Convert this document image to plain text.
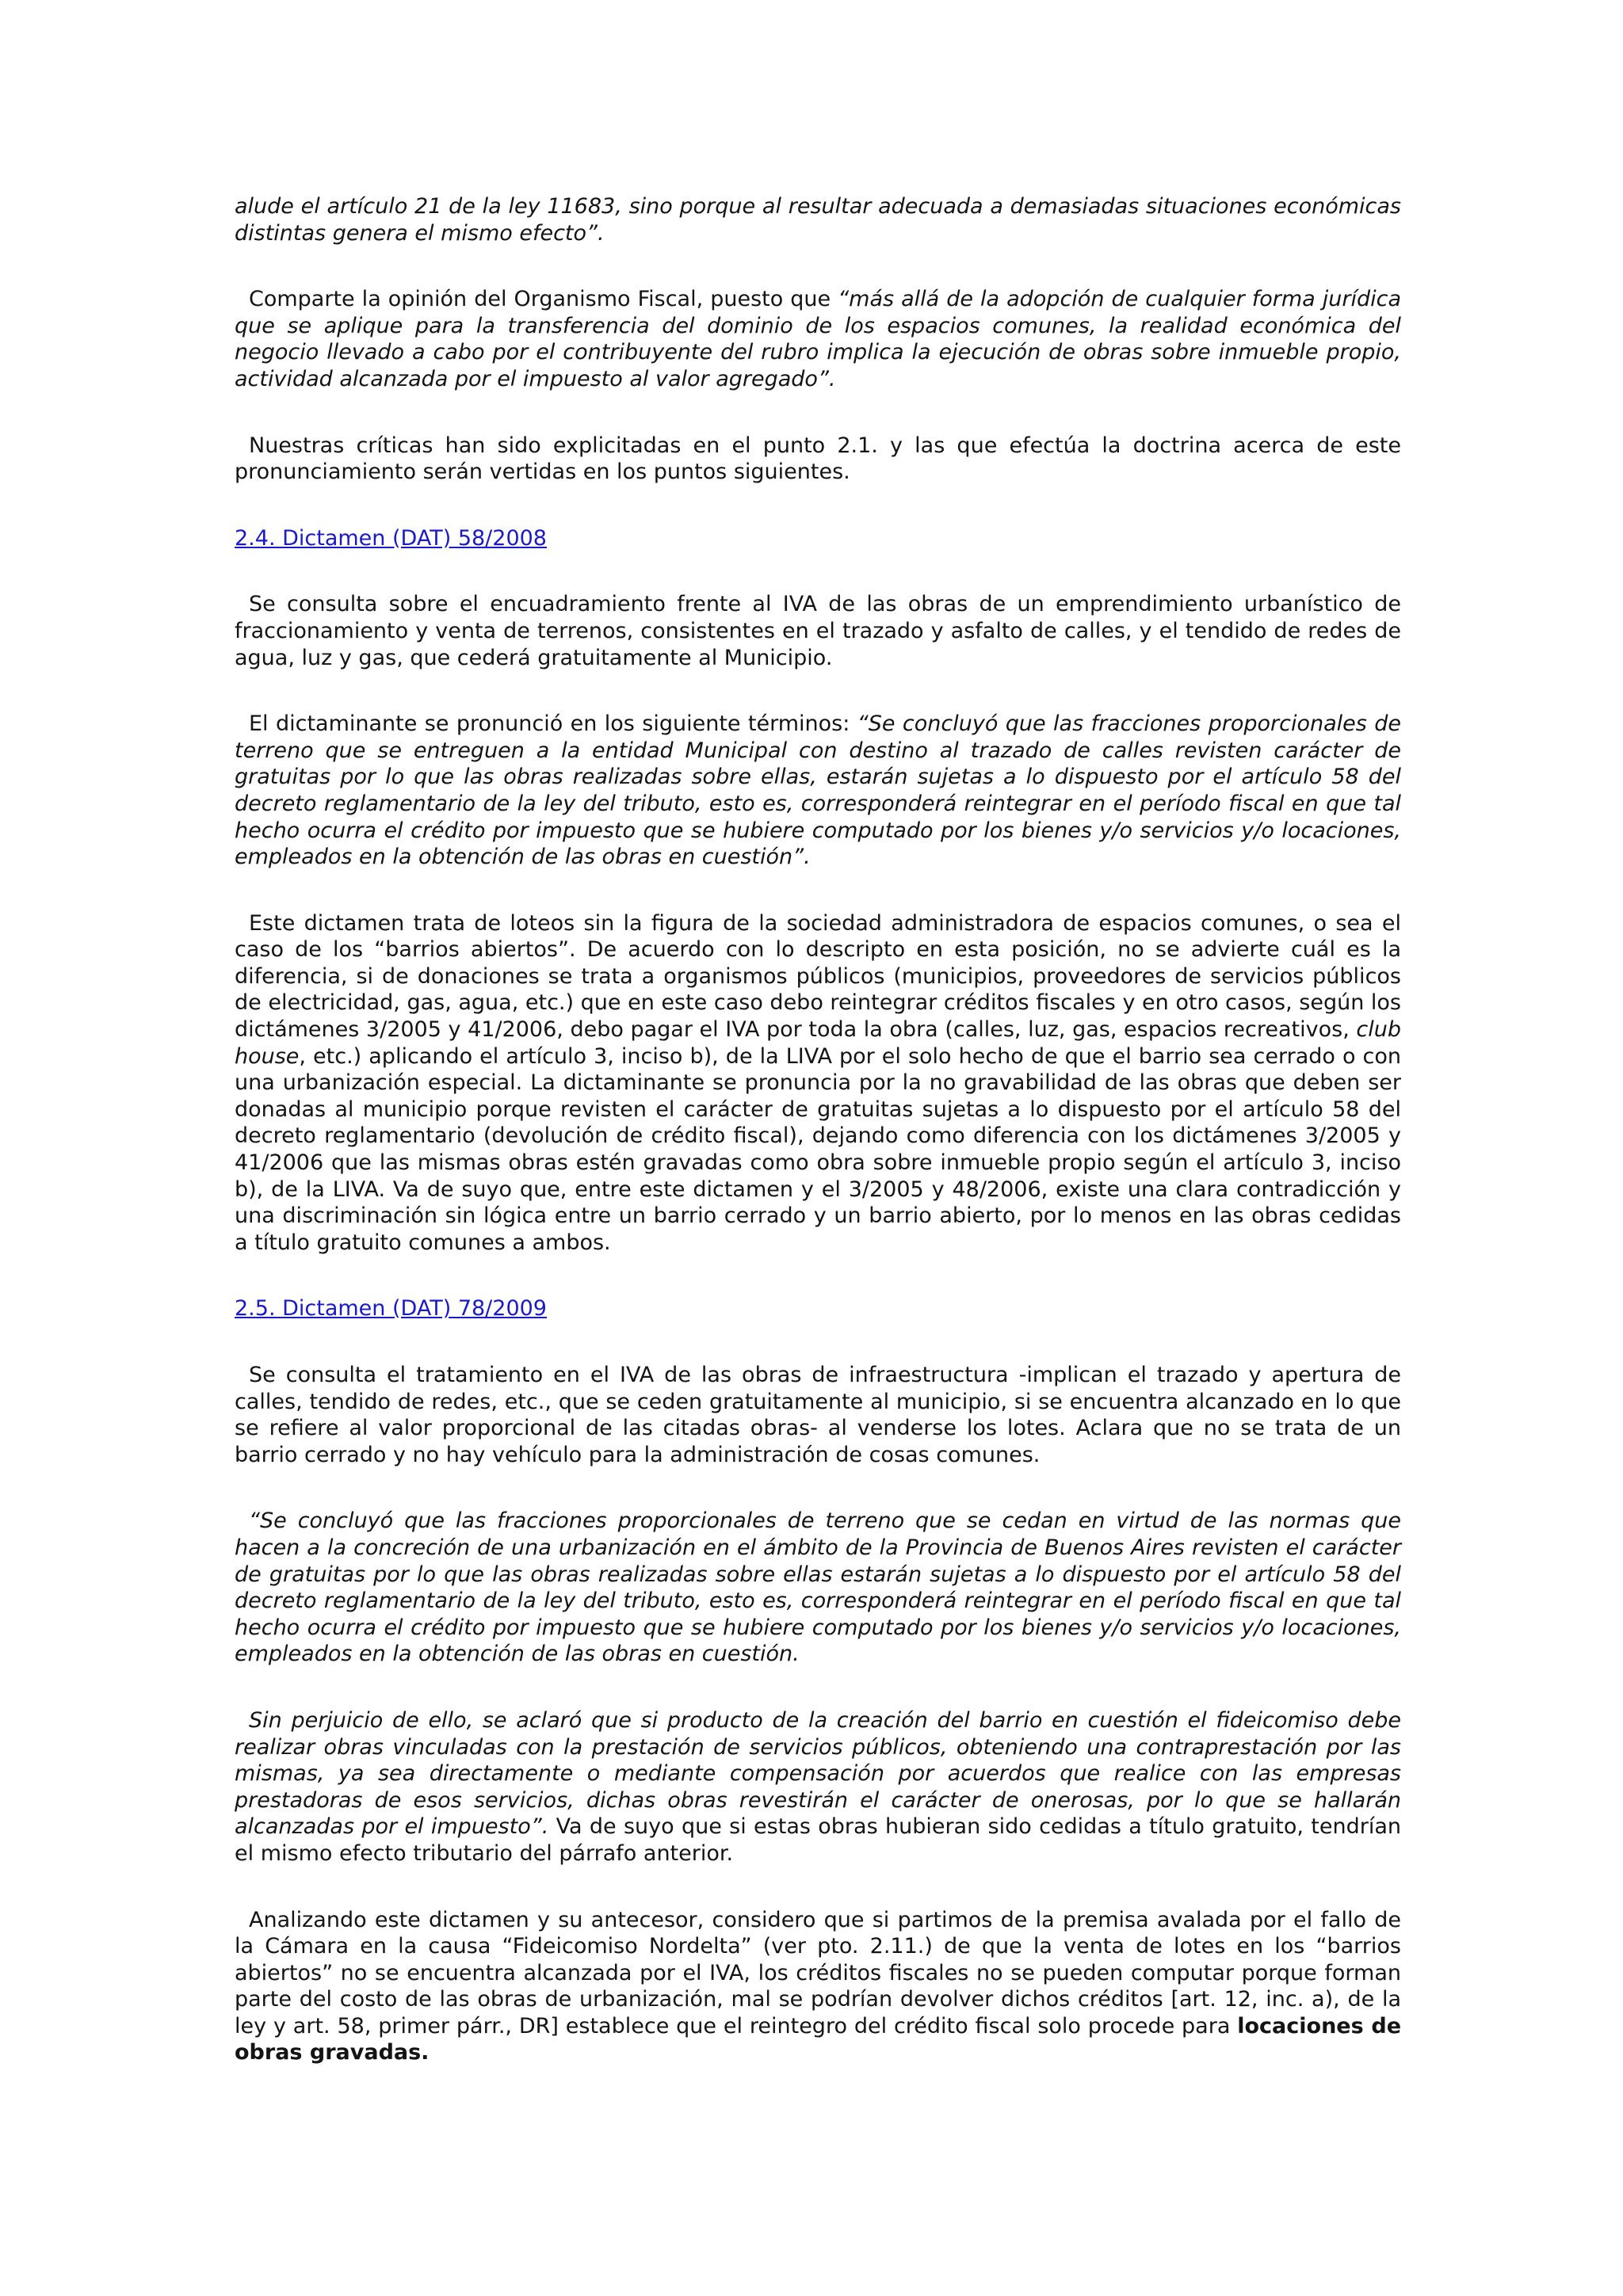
alude el artículo 21 de la ley 11683, sino porque al resultar adecuada a demasiadas situaciones económicas distintas genera el mismo efecto”.

Comparte la opinión del Organismo Fiscal, puesto que “más allá de la adopción de cualquier forma jurídica que se aplique para la transferencia del dominio de los espacios comunes, la realidad económica del negocio llevado a cabo por el contribuyente del rubro implica la ejecución de obras sobre inmueble propio, actividad alcanzada por el impuesto al valor agregado”.

Nuestras críticas han sido explicitadas en el punto 2.1. y las que efectúa la doctrina acerca de este pronunciamiento serán vertidas en los puntos siguientes.

2.4. Dictamen (DAT) 58/2008

Se consulta sobre el encuadramiento frente al IVA de las obras de un emprendimiento urbanístico de fraccionamiento y venta de terrenos, consistentes en el trazado y asfalto de calles, y el tendido de redes de agua, luz y gas, que cederá gratuitamente al Municipio.

El dictaminante se pronunció en los siguiente términos: “Se concluyó que las fracciones proporcionales de terreno que se entreguen a la entidad Municipal con destino al trazado de calles revisten carácter de gratuitas por lo que las obras realizadas sobre ellas, estarán sujetas a lo dispuesto por el artículo 58 del decreto reglamentario de la ley del tributo, esto es, corresponderá reintegrar en el período fiscal en que tal hecho ocurra el crédito por impuesto que se hubiere computado por los bienes y/o servicios y/o locaciones, empleados en la obtención de las obras en cuestión”.

Este dictamen trata de loteos sin la figura de la sociedad administradora de espacios comunes, o sea el caso de los “barrios abiertos”. De acuerdo con lo descripto en esta posición, no se advierte cuál es la diferencia, si de donaciones se trata a organismos públicos (municipios, proveedores de servicios públicos de electricidad, gas, agua, etc.) que en este caso debo reintegrar créditos fiscales y en otro casos, según los dictámenes 3/2005 y 41/2006, debo pagar el IVA por toda la obra (calles, luz, gas, espacios recreativos, club house, etc.) aplicando el artículo 3, inciso b), de la LIVA por el solo hecho de que el barrio sea cerrado o con una urbanización especial. La dictaminante se pronuncia por la no gravabilidad de las obras que deben ser donadas al municipio porque revisten el carácter de gratuitas sujetas a lo dispuesto por el artículo 58 del decreto reglamentario (devolución de crédito fiscal), dejando como diferencia con los dictámenes 3/2005 y 41/2006 que las mismas obras estén gravadas como obra sobre inmueble propio según el artículo 3, inciso b), de la LIVA. Va de suyo que, entre este dictamen y el 3/2005 y 48/2006, existe una clara contradicción y una discriminación sin lógica entre un barrio cerrado y un barrio abierto, por lo menos en las obras cedidas a título gratuito comunes a ambos.

2.5. Dictamen (DAT) 78/2009

Se consulta el tratamiento en el IVA de las obras de infraestructura -implican el trazado y apertura de calles, tendido de redes, etc., que se ceden gratuitamente al municipio, si se encuentra alcanzado en lo que se refiere al valor proporcional de las citadas obras- al venderse los lotes. Aclara que no se trata de un barrio cerrado y no hay vehículo para la administración de cosas comunes.

“Se concluyó que las fracciones proporcionales de terreno que se cedan en virtud de las normas que hacen a la concreción de una urbanización en el ámbito de la Provincia de Buenos Aires revisten el carácter de gratuitas por lo que las obras realizadas sobre ellas estarán sujetas a lo dispuesto por el artículo 58 del decreto reglamentario de la ley del tributo, esto es, corresponderá reintegrar en el período fiscal en que tal hecho ocurra el crédito por impuesto que se hubiere computado por los bienes y/o servicios y/o locaciones, empleados en la obtención de las obras en cuestión.

Sin perjuicio de ello, se aclaró que si producto de la creación del barrio en cuestión el fideicomiso debe realizar obras vinculadas con la prestación de servicios públicos, obteniendo una contraprestación por las mismas, ya sea directamente o mediante compensación por acuerdos que realice con las empresas prestadoras de esos servicios, dichas obras revestirán el carácter de onerosas, por lo que se hallarán alcanzadas por el impuesto”. Va de suyo que si estas obras hubieran sido cedidas a título gratuito, tendrían el mismo efecto tributario del párrafo anterior.

Analizando este dictamen y su antecesor, considero que si partimos de la premisa avalada por el fallo de la Cámara en la causa “Fideicomiso Nordelta” (ver pto. 2.11.) de que la venta de lotes en los “barrios abiertos” no se encuentra alcanzada por el IVA, los créditos fiscales no se pueden computar porque forman parte del costo de las obras de urbanización, mal se podrían devolver dichos créditos [art. 12, inc. a), de la ley y art. 58, primer párr., DR] establece que el reintegro del crédito fiscal solo procede para locaciones de obras gravadas.
